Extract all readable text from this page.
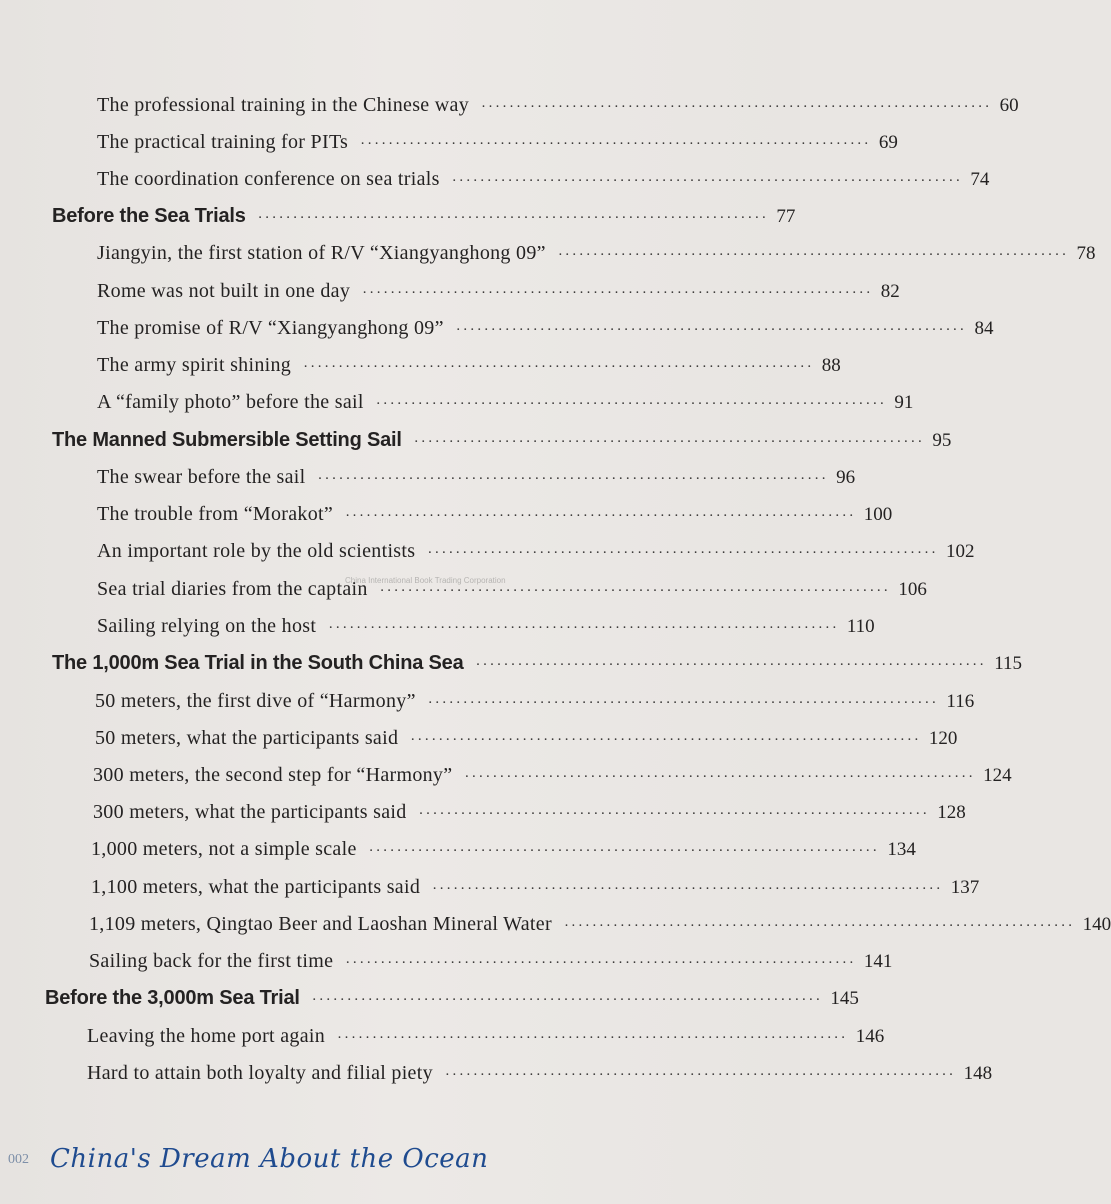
The professional training in the Chinese way ········································································· 60
The practical training for PITs ········································································· 69
The coordination conference on sea trials ········································································· 74
Before the Sea Trials ········································································· 77
Jiangyin, the first station of R/V “Xiangyanghong 09” ········································································· 78
Rome was not built in one day ········································································· 82
The promise of R/V “Xiangyanghong 09” ········································································· 84
The army spirit shining ········································································· 88
A “family photo” before the sail ········································································· 91
The Manned Submersible Setting Sail ········································································· 95
The swear before the sail ········································································· 96
The trouble from “Morakot” ········································································· 100
An important role by the old scientists ········································································· 102
Sea trial diaries from the captain ········································································· 106
Sailing relying on the host ········································································· 110
The 1,000m Sea Trial in the South China Sea ········································································· 115
50 meters, the first dive of “Harmony” ········································································· 116
50 meters, what the participants said ········································································· 120
300 meters, the second step for “Harmony” ········································································· 124
300 meters, what the participants said ········································································· 128
1,000 meters, not a simple scale ········································································· 134
1,100 meters, what the participants said ········································································· 137
1,109 meters, Qingtao Beer and Laoshan Mineral Water ········································································· 140
Sailing back for the first time ········································································· 141
Before the 3,000m Sea Trial ········································································· 145
Leaving the home port again ········································································· 146
Hard to attain both loyalty and filial piety ········································································· 148
China International Book Trading Corporation
002 China's Dream About the Ocean
